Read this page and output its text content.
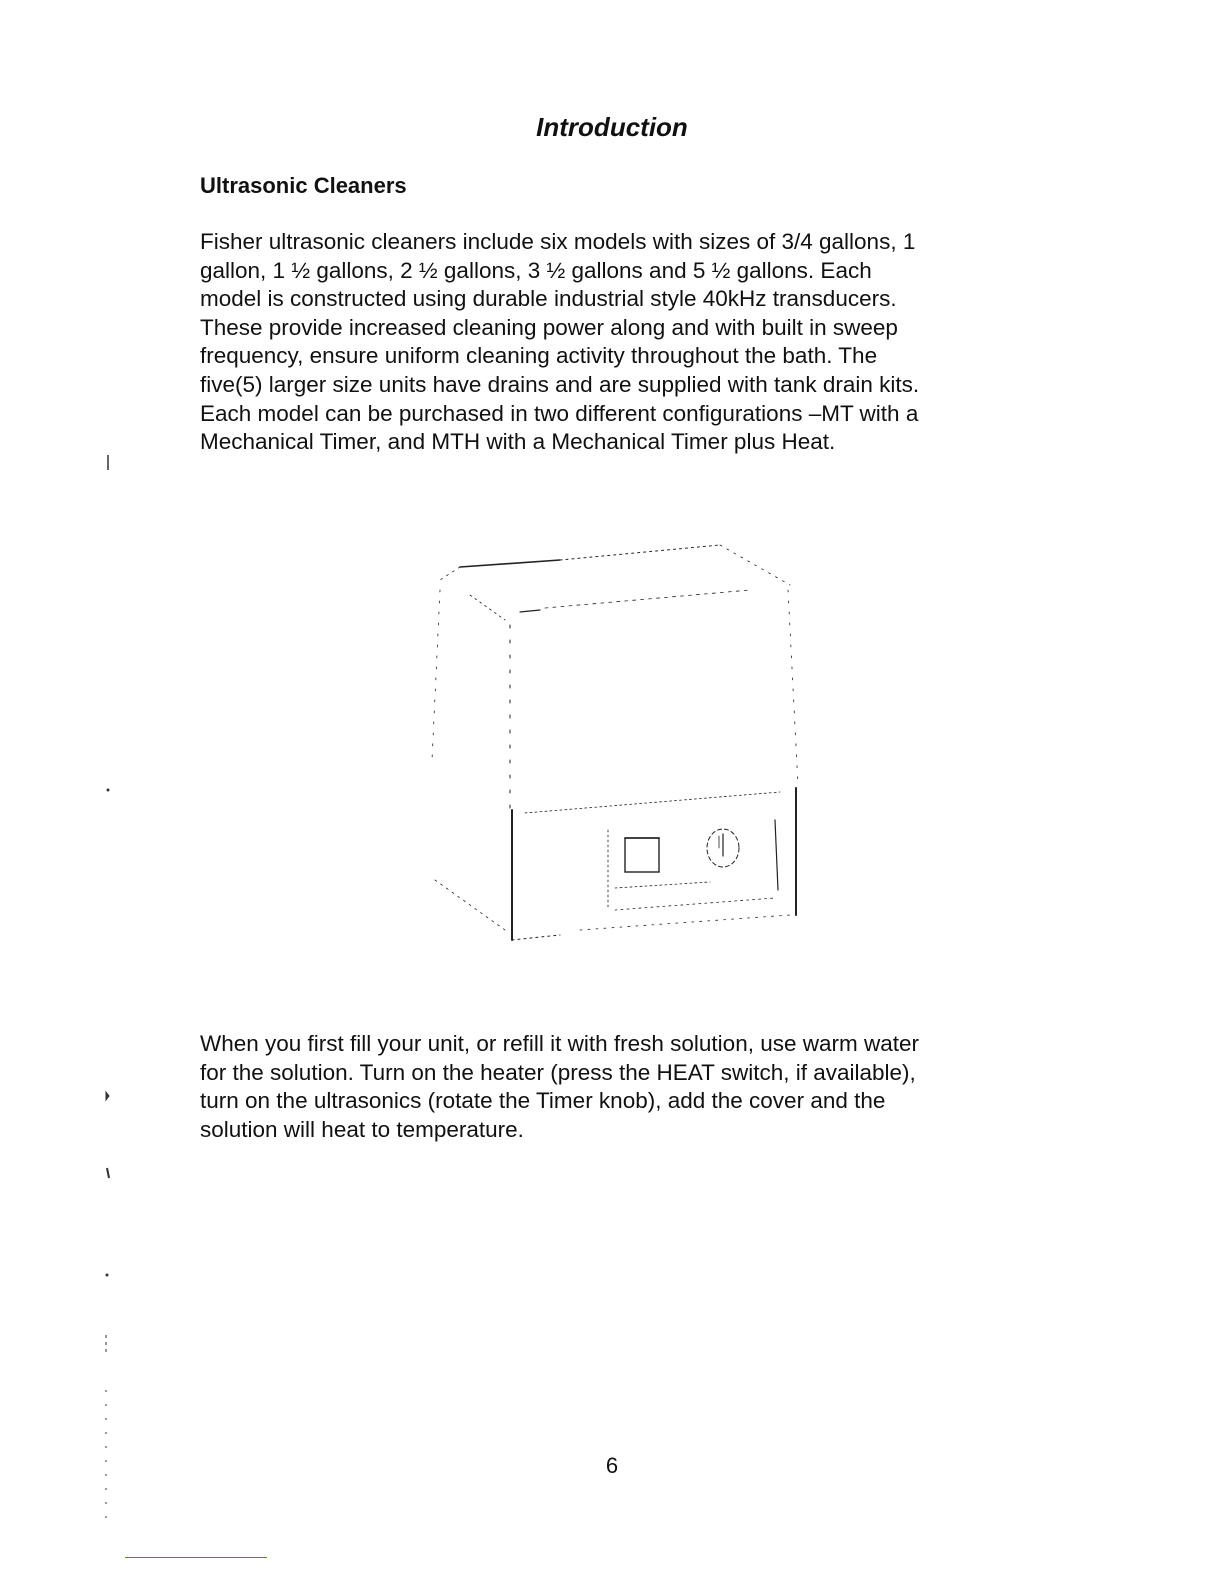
Introduction
Ultrasonic Cleaners

Fisher ultrasonic cleaners include six models with sizes of 3/4 gallons, 1
gallon, 1 ½ gallons, 2 ½ gallons, 3 ½ gallons and 5 ½ gallons. Each
model is constructed using durable industrial style 40kHz transducers.
These provide increased cleaning power along and with built in sweep
frequency, ensure uniform cleaning activity throughout the bath. The
five(5) larger size units have drains and are supplied with tank drain kits.
Each model can be purchased in two different configurations –MT with a
Mechanical Timer, and MTH with a Mechanical Timer plus Heat.

When you first fill your unit, or refill it with fresh solution, use warm water
for the solution. Turn on the heater (press the HEAT switch, if available),
turn on the ultrasonics (rotate the Timer knob), add the cover and the
solution will heat to temperature.

6
